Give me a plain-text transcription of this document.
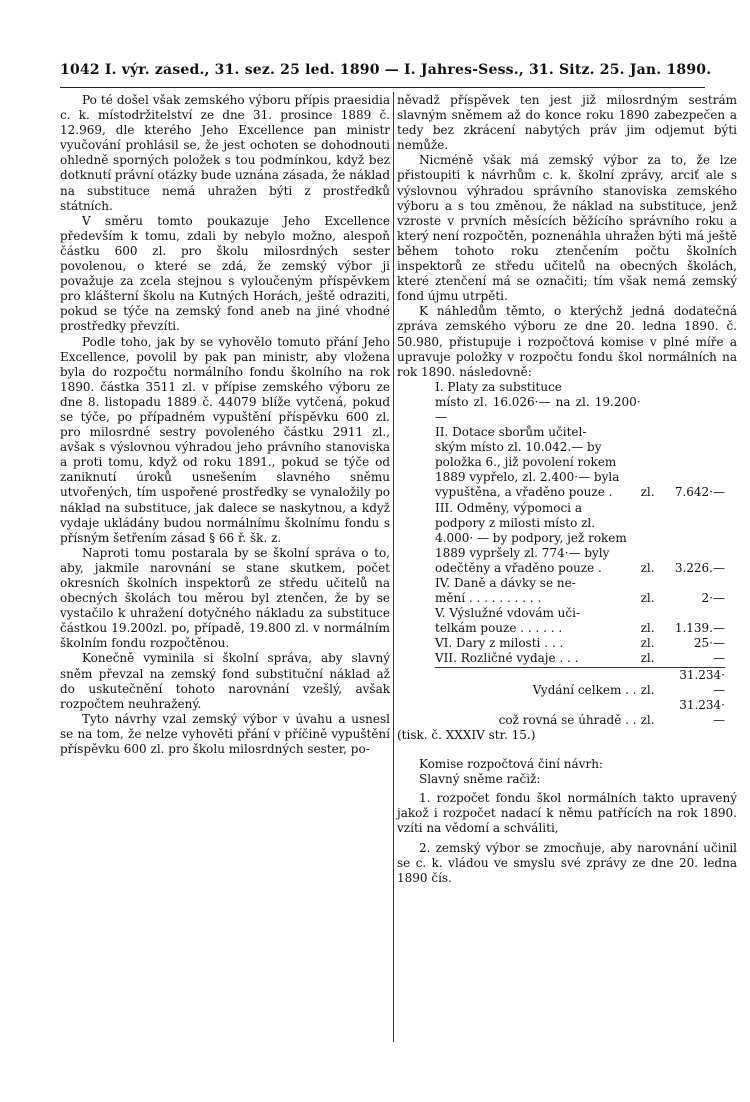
1042 I. výr. zased., 31. sez. 25 led. 1890 — I. Jahres-Sess., 31. Sitz. 25. Jan. 1890.

Po té došel však zemského výboru přípis praesidia c. k. místodržitelství ze dne 31. prosince 1889 č. 12.969, dle kterého Jeho Excellence pan ministr vyučování prohlásil se, že jest ochoten se dohodnouti ohledně sporných položek s tou podmínkou, když bez dotknutí právní otázky bude uznána zásada, že náklad na substituce nemá uhražen býti z prostředků státních.

V směru tomto poukazuje Jeho Excellence především k tomu, zdali by nebylo možno, alespoň částku 600 zl. pro školu milosrdných sester povolenou, o které se zdá, že zemský výbor ji považuje za zcela stejnou s vyloučeným příspěvkem pro klášterní školu na Kutných Horách, ještě odraziti, pokud se týče na zemský fond aneb na jiné vhodné prostředky převzíti.

Podle toho, jak by se vyhovělo tomuto přání Jeho Excellence, povolil by pak pan ministr, aby vložena byla do rozpočtu normálního fondu školního na rok 1890. částka 3511 zl. v přípise zemského výboru ze dne 8. listopadu 1889 č. 44079 blíže vytčená, pokud se týče, po případném vypuštění příspěvku 600 zl. pro milosrdné sestry povoleného částku 2911 zl., avšak s výslovnou výhradou jeho právního stanoviska a proti tomu, když od roku 1891., pokud se týče od zaniknutí úroků usnešením slavného sněmu utvořených, tím uspořené prostředky se vynaložily po náklad na substituce, jak dalece se naskytnou, a když vydaje ukládány budou normálnímu školnímu fondu s přísným šetřením zásad § 66 ř. šk. z.

Naproti tomu postarala by se školní správa o to, aby, jakmile narovnání se stane skutkem, počet okresních školních inspektorů ze středu učitelů na obecných školách tou měrou byl ztenčen, že by se vystačilo k uhražení dotyčného nákladu za substituce částkou 19.200zl. po, případě, 19.800 zl. v normálním školním fondu rozpočtěnou.

Konečně vyminila si školní správa, aby slavný sněm převzal na zemský fond substituční náklad až do uskutečnění tohoto narovnání vzešlý, avšak rozpočtem neuhražený.

Tyto návrhy vzal zemský výbor v úvahu a usnesl se na tom, že nelze vyhověti přání v příčině vypuštění příspěvku 600 zl. pro školu milosrdných sester, po-

něvadž příspěvek ten jest již milosrdným sestrám slavným sněmem až do konce roku 1890 zabezpečen a tedy bez zkrácení nabytých práv jim odjemut býti nemůže.

Nicméně však má zemský výbor za to, že lze přistoupiti k návrhům c. k. školní zprávy, arciť ale s výslovnou výhradou správního stanoviska zemského výboru a s tou změnou, že náklad na substituce, jenž vzroste v prvních měsících běžícího správního roku a který není rozpočtěn, poznenáhla uhražen býti má ještě během tohoto roku ztenčením počtu školních inspektorů ze středu učitelů na obecných školách, které ztenčení má se označiti; tím však nemá zemský fond újmu utrpěti.

K náhledům těmto, o kterýchž jedná dodatečná zpráva zemského výboru ze dne 20. ledna 1890. č. 50.980, přistupuje i rozpočtová komise v plné míře a upravuje položky v rozpočtu fondu škol normálních na rok 1890. následovně:

I. Platy za substituce		
místo zl. 16.026·— na zl. 19.200·—		
II. Dotace sborům učitel-		
ským místo zl. 10.042.— by		
položka 6., již povolení rokem		
1889 vypřelo, zl. 2.400·— byla		
vypuštěna, a vřaděno pouze .	zl.	7.642·—
III. Odměny, výpomoci a		
podpory z milosti místo zl.		
4.000· — by podpory, jež rokem		
1889 vypršely zl. 774·— byly		
odečtěny a vřaděno pouze .	zl.	3.226.—
IV. Daně a dávky se ne-		
mění . . . . . . . . . .	zl.	2·—
V. Výslužné vdovám uči-		
telkám pouze . . . . . .	zl.	1.139.—
VI. Dary z milosti . . .	zl.	25·—
VII. Rozličné vydaje . . .	zl.	—
Vydání celkem . .	zl.	31.234·—
což rovná se úhradě . .	zl.	31.234·—

(tisk. č. XXXIV str. 15.)

Komise rozpočtová činí návrh:

Slavný sněme račiž:

1. rozpočet fondu škol normálních takto upravený jakož i rozpočet nadací k němu patřících na rok 1890. vzíti na vědomí a schváliti,

2. zemský výbor se zmocňuje, aby narovnání učinil se c. k. vládou ve smyslu své zprávy ze dne 20. ledna 1890 čís.
